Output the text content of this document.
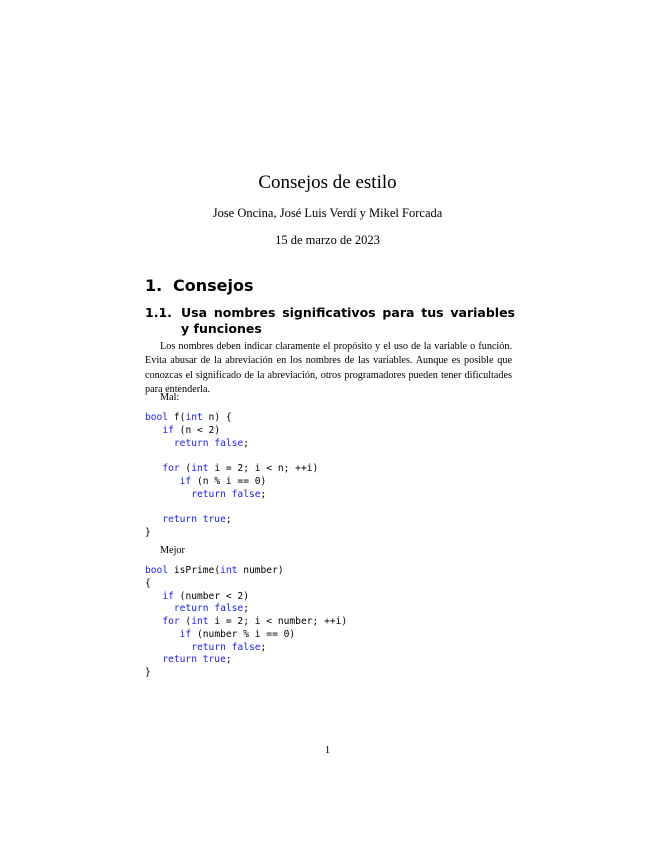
Consejos de estilo
Jose Oncina, José Luis Verdí y Mikel Forcada
15 de marzo de 2023
1. Consejos
1.1. Usa nombres significativos para tus variables y funciones
Los nombres deben indicar claramente el propósito y el uso de la variable o función. Evita abusar de la abreviación en los nombres de las variables. Aunque es posible que conozcas el significado de la abreviación, otros programadores pueden tener dificultades para entenderla.
Mal:
bool f(int n) {
if (n < 2)
return false;

for (int i = 2; i < n; ++i)
if (n % i == 0)
return false;

return true;
}
Mejor
bool isPrime(int number)
{
if (number < 2)
return false;
for (int i = 2; i < number; ++i)
if (number % i == 0)
return false;
return true;
}
1
